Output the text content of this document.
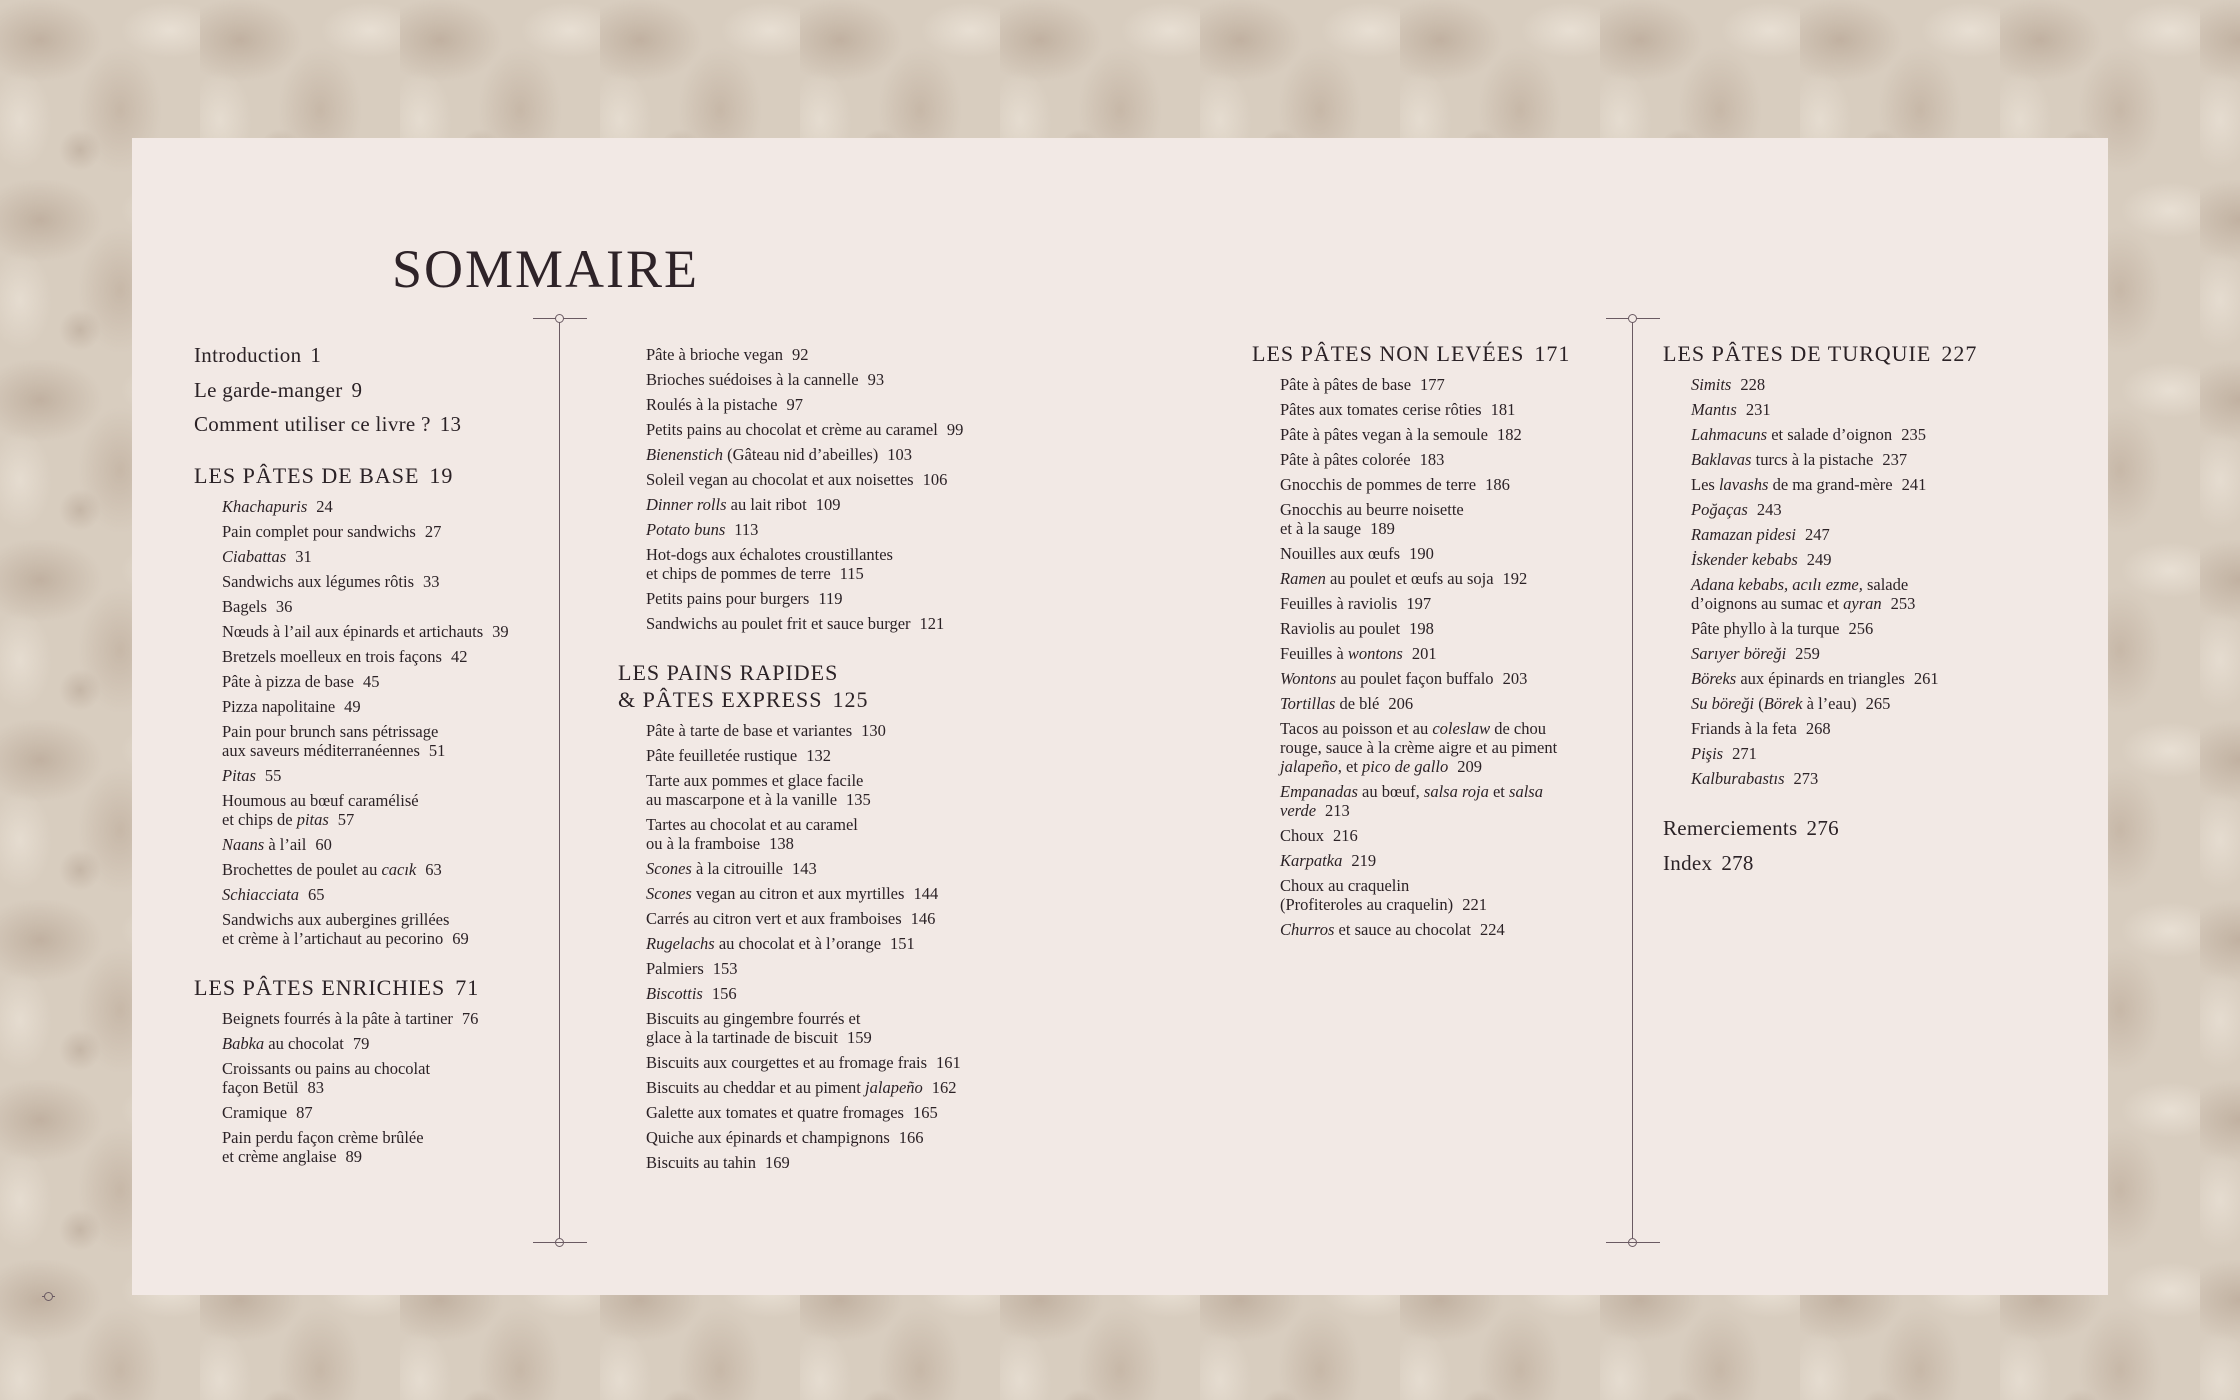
SOMMAIRE
Introduction 1
Le garde-manger 9
Comment utiliser ce livre ? 13
LES PÂTES DE BASE 19
Khachapuris 24
Pain complet pour sandwichs 27
Ciabattas 31
Sandwichs aux légumes rôtis 33
Bagels 36
Nœuds à l’ail aux épinards et artichauts 39
Bretzels moelleux en trois façons 42
Pâte à pizza de base 45
Pizza napolitaine 49
Pain pour brunch sans pétrissage
aux saveurs méditerranéennes 51
Pitas 55
Houmous au bœuf caramélisé
et chips de pitas 57
Naans à l’ail 60
Brochettes de poulet au cacık 63
Schiacciata 65
Sandwichs aux aubergines grillées
et crème à l’artichaut au pecorino 69
LES PÂTES ENRICHIES 71
Beignets fourrés à la pâte à tartiner 76
Babka au chocolat 79
Croissants ou pains au chocolat
façon Betül 83
Cramique 87
Pain perdu façon crème brûlée
et crème anglaise 89
Pâte à brioche vegan 92
Brioches suédoises à la cannelle 93
Roulés à la pistache 97
Petits pains au chocolat et crème au caramel 99
Bienenstich (Gâteau nid d’abeilles) 103
Soleil vegan au chocolat et aux noisettes 106
Dinner rolls au lait ribot 109
Potato buns 113
Hot-dogs aux échalotes croustillantes
et chips de pommes de terre 115
Petits pains pour burgers 119
Sandwichs au poulet frit et sauce burger 121
LES PAINS RAPIDES
& PÂTES EXPRESS 125
Pâte à tarte de base et variantes 130
Pâte feuilletée rustique 132
Tarte aux pommes et glace facile
au mascarpone et à la vanille 135
Tartes au chocolat et au caramel
ou à la framboise 138
Scones à la citrouille 143
Scones vegan au citron et aux myrtilles 144
Carrés au citron vert et aux framboises 146
Rugelachs au chocolat et à l’orange 151
Palmiers 153
Biscottis 156
Biscuits au gingembre fourrés et
glace à la tartinade de biscuit 159
Biscuits aux courgettes et au fromage frais 161
Biscuits au cheddar et au piment jalapeño 162
Galette aux tomates et quatre fromages 165
Quiche aux épinards et champignons 166
Biscuits au tahin 169
LES PÂTES NON LEVÉES 171
Pâte à pâtes de base 177
Pâtes aux tomates cerise rôties 181
Pâte à pâtes vegan à la semoule 182
Pâte à pâtes colorée 183
Gnocchis de pommes de terre 186
Gnocchis au beurre noisette
et à la sauge 189
Nouilles aux œufs 190
Ramen au poulet et œufs au soja 192
Feuilles à raviolis 197
Raviolis au poulet 198
Feuilles à wontons 201
Wontons au poulet façon buffalo 203
Tortillas de blé 206
Tacos au poisson et au coleslaw de chou
rouge, sauce à la crème aigre et au piment
jalapeño, et pico de gallo 209
Empanadas au bœuf, salsa roja et salsa
verde 213
Choux 216
Karpatka 219
Choux au craquelin
(Profiteroles au craquelin) 221
Churros et sauce au chocolat 224
LES PÂTES DE TURQUIE 227
Simits 228
Mantıs 231
Lahmacuns et salade d’oignon 235
Baklavas turcs à la pistache 237
Les lavashs de ma grand-mère 241
Poğaças 243
Ramazan pidesi 247
İskender kebabs 249
Adana kebabs, acılı ezme, salade
d’oignons au sumac et ayran 253
Pâte phyllo à la turque 256
Sarıyer böreği 259
Böreks aux épinards en triangles 261
Su böreği (Börek à l’eau) 265
Friands à la feta 268
Pişis 271
Kalburabastıs 273
Remerciements 276
Index 278
